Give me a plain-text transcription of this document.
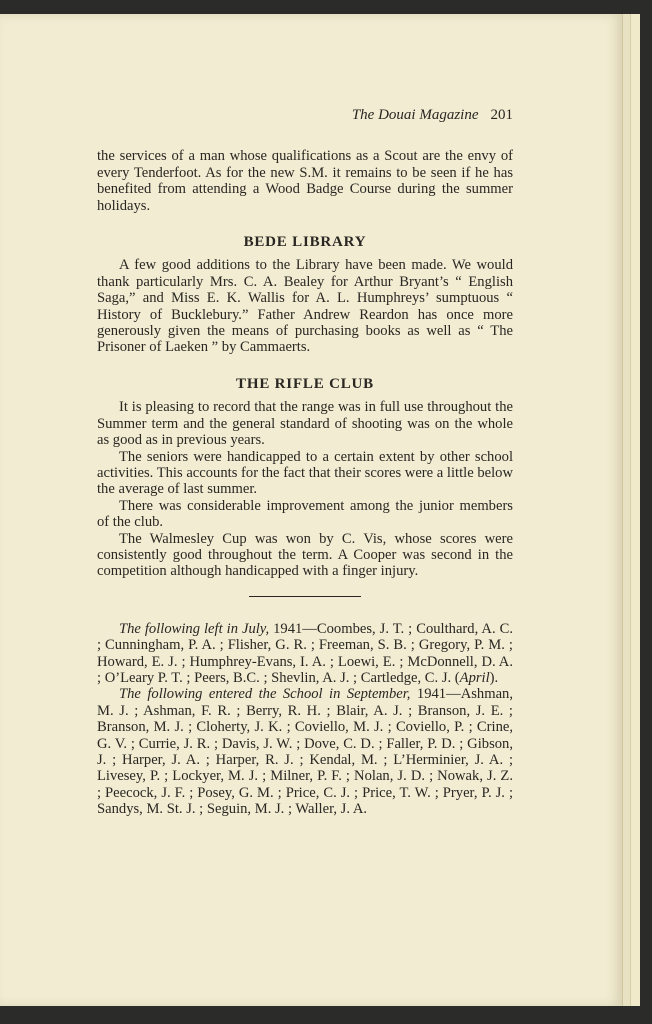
The Douai Magazine 201

the services of a man whose qualifications as a Scout are the envy of every Tenderfoot. As for the new S.M. it remains to be seen if he has benefited from attending a Wood Badge Course during the summer holidays.

BEDE LIBRARY

A few good additions to the Library have been made. We would thank particularly Mrs. C. A. Bealey for Arthur Bryant’s “ English Saga,” and Miss E. K. Wallis for A. L. Humphreys’ sumptuous “ History of Bucklebury.” Father Andrew Reardon has once more generously given the means of purchasing books as well as “ The Prisoner of Laeken ” by Cammaerts.

THE RIFLE CLUB

It is pleasing to record that the range was in full use throughout the Summer term and the general standard of shooting was on the whole as good as in previous years.

The seniors were handicapped to a certain extent by other school activities. This accounts for the fact that their scores were a little below the average of last summer.

There was considerable improvement among the junior members of the club.

The Walmesley Cup was won by C. Vis, whose scores were consistently good throughout the term. A Cooper was second in the competition although handicapped with a finger injury.

The following left in July, 1941—Coombes, J. T. ; Coulthard, A. C. ; Cunningham, P. A. ; Flisher, G. R. ; Freeman, S. B. ; Gregory, P. M. ; Howard, E. J. ; Humphrey-Evans, I. A. ; Loewi, E. ; McDonnell, D. A. ; O’Leary P. T. ; Peers, B.C. ; Shevlin, A. J. ; Cartledge, C. J. (April).

The following entered the School in September, 1941—Ashman, M. J. ; Ashman, F. R. ; Berry, R. H. ; Blair, A. J. ; Branson, J. E. ; Branson, M. J. ; Cloherty, J. K. ; Coviello, M. J. ; Coviello, P. ; Crine, G. V. ; Currie, J. R. ; Davis, J. W. ; Dove, C. D. ; Faller, P. D. ; Gibson, J. ; Harper, J. A. ; Harper, R. J. ; Kendal, M. ; L’Herminier, J. A. ; Livesey, P. ; Lockyer, M. J. ; Milner, P. F. ; Nolan, J. D. ; Nowak, J. Z. ; Peecock, J. F. ; Posey, G. M. ; Price, C. J. ; Price, T. W. ; Pryer, P. J. ; Sandys, M. St. J. ; Seguin, M. J. ; Waller, J. A.
